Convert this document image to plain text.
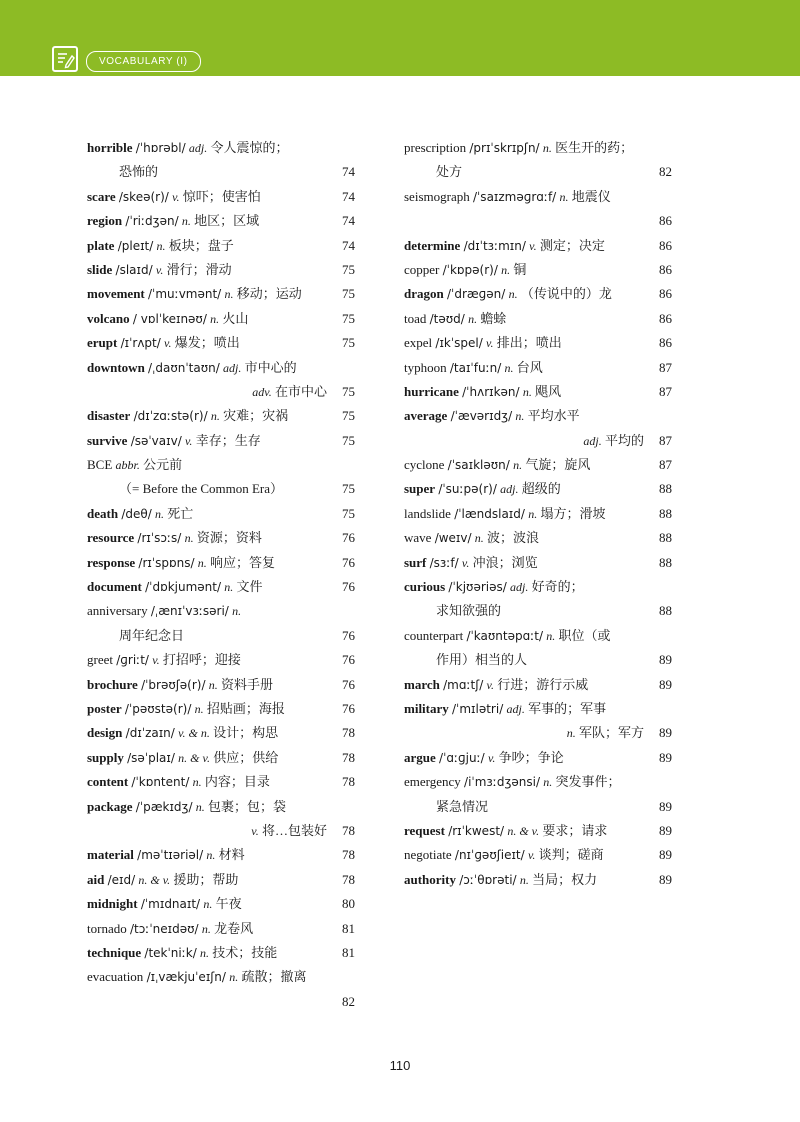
VOCABULARY (I)
horrible /ˈhɒrəbl/ adj. 令人震惊的；
恐怖的	74
scare /skeə(r)/ v. 惊吓；使害怕	74
region /ˈriːdʒən/ n. 地区；区域	74
plate /pleɪt/ n. 板块；盘子	74
slide /slaɪd/ v. 滑行；滑动	75
movement /ˈmuːvmənt/ n. 移动；运动	75
volcano / vɒlˈkeɪnəʊ/ n. 火山	75
erupt /ɪˈrʌpt/ v. 爆发；喷出	75
downtown /ˌdaʊnˈtaʊn/ adj. 市中心的
adv. 在市中心 75
disaster /dɪˈzɑːstə(r)/ n. 灾难；灾祸	75
survive /səˈvaɪv/ v. 幸存；生存	75
BCE abbr. 公元前
（= Before the Common Era）	75
death /deθ/ n. 死亡	75
resource /rɪˈsɔːs/ n. 资源；资料	76
response /rɪˈspɒns/ n. 响应；答复	76
document /ˈdɒkjumənt/ n. 文件	76
anniversary /ˌænɪˈvɜːsəri/ n.
周年纪念日	76
greet /ɡriːt/ v. 打招呼；迎接	76
brochure /ˈbrəʊʃə(r)/ n. 资料手册	76
poster /ˈpəʊstə(r)/ n. 招贴画；海报	76
design /dɪˈzaɪn/ v. & n. 设计；构思	78
supply /səˈplaɪ/ n. & v. 供应；供给	78
content /ˈkɒntent/ n. 内容；目录	78
package /ˈpækɪdʒ/ n. 包裹；包；袋
v. 将…包装好 78
material /məˈtɪəriəl/ n. 材料	78
aid /eɪd/ n. & v. 援助；帮助	78
midnight /ˈmɪdnaɪt/ n. 午夜	80
tornado /tɔːˈneɪdəʊ/ n. 龙卷风	81
technique /tekˈniːk/ n. 技术；技能	81
evacuation /ɪˌvækjuˈeɪʃn/ n. 疏散；撤离
82
prescription /prɪˈskrɪpʃn/ n. 医生开的药；
处方	82
seismograph /ˈsaɪzməɡrɑːf/ n. 地震仪
86
determine /dɪˈtɜːmɪn/ v. 测定；决定	86
copper /ˈkɒpə(r)/ n. 铜	86
dragon /ˈdræɡən/ n. （传说中的）龙	86
toad /təʊd/ n. 蟾蜍	86
expel /ɪkˈspel/ v. 排出；喷出	86
typhoon /taɪˈfuːn/ n. 台风	87
hurricane /ˈhʌrɪkən/ n. 飓风	87
average /ˈævərɪdʒ/ n. 平均水平
adj. 平均的 87
cyclone /ˈsaɪkləʊn/ n. 气旋；旋风	87
super /ˈsuːpə(r)/ adj. 超级的	88
landslide /ˈlændslaɪd/ n. 塌方；滑坡	88
wave /weɪv/ n. 波；波浪	88
surf /sɜːf/ v. 冲浪；浏览	88
curious /ˈkjʊəriəs/ adj. 好奇的；
求知欲强的	88
counterpart /ˈkaʊntəpɑːt/ n. 职位（或
作用）相当的人	89
march /mɑːtʃ/ v. 行进；游行示威	89
military /ˈmɪlətri/ adj. 军事的；军事
n. 军队；军方 89
argue /ˈɑːɡjuː/ v. 争吵；争论	89
emergency /iˈmɜːdʒənsi/ n. 突发事件；
紧急情况	89
request /rɪˈkwest/ n. & v. 要求；请求	89
negotiate /nɪˈɡəʊʃieɪt/ v. 谈判；磋商	89
authority /ɔːˈθɒrəti/ n. 当局；权力	89
110
